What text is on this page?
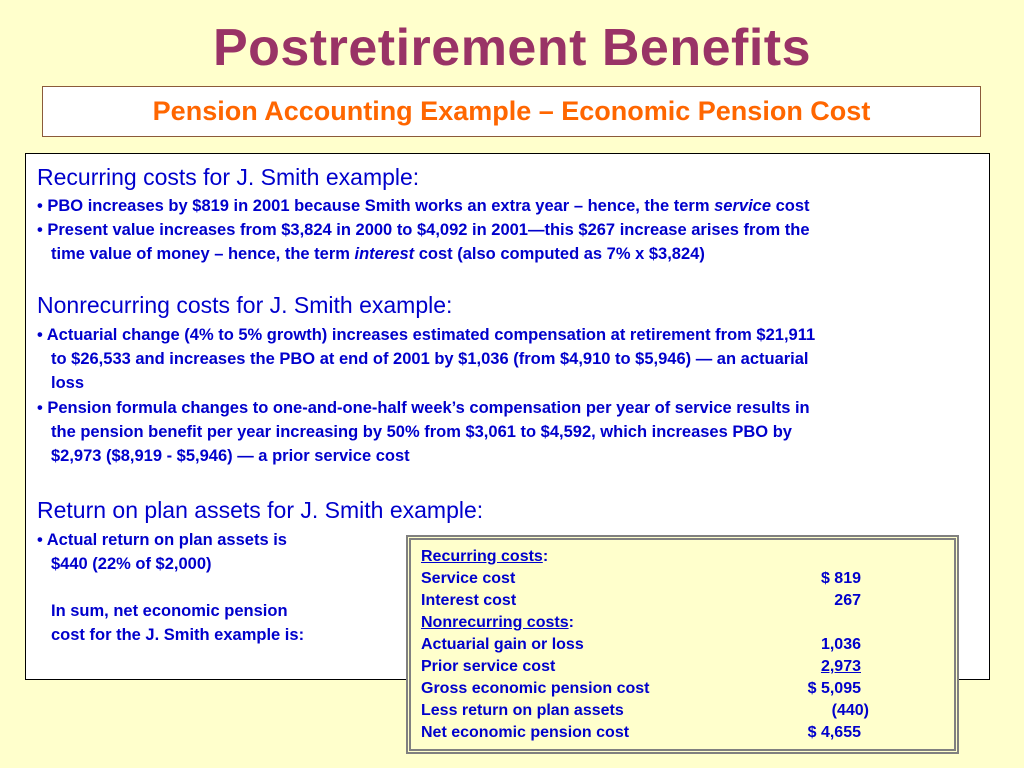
Postretirement Benefits
Pension Accounting Example – Economic Pension Cost
Recurring costs for J. Smith example:
• PBO increases by $819 in 2001 because Smith works an extra year – hence, the term service cost
• Present value increases from $3,824 in 2000 to $4,092 in 2001—this $267 increase arises from the
time value of money – hence, the term interest cost (also computed as 7% x $3,824)
Nonrecurring costs for J. Smith example:
• Actuarial change (4% to 5% growth) increases estimated compensation at retirement from $21,911
to $26,533 and increases the PBO at end of 2001 by $1,036 (from $4,910 to $5,946) — an actuarial
loss
• Pension formula changes to one-and-one-half week’s compensation per year of service results in
the pension benefit per year increasing by 50% from $3,061 to $4,592, which increases PBO by
$2,973 ($8,919 - $5,946) — a prior service cost
Return on plan assets for J. Smith example:
• Actual return on plan assets is
$440 (22% of $2,000)
In sum, net economic pension
cost for the J. Smith example is:
Recurring costs:
Service cost	$ 819
Interest cost	267
Nonrecurring costs:
Actuarial gain or loss	1,036
Prior service cost	2,973
Gross economic pension cost	$ 5,095
Less return on plan assets	(440)
Net economic pension cost	$ 4,655
